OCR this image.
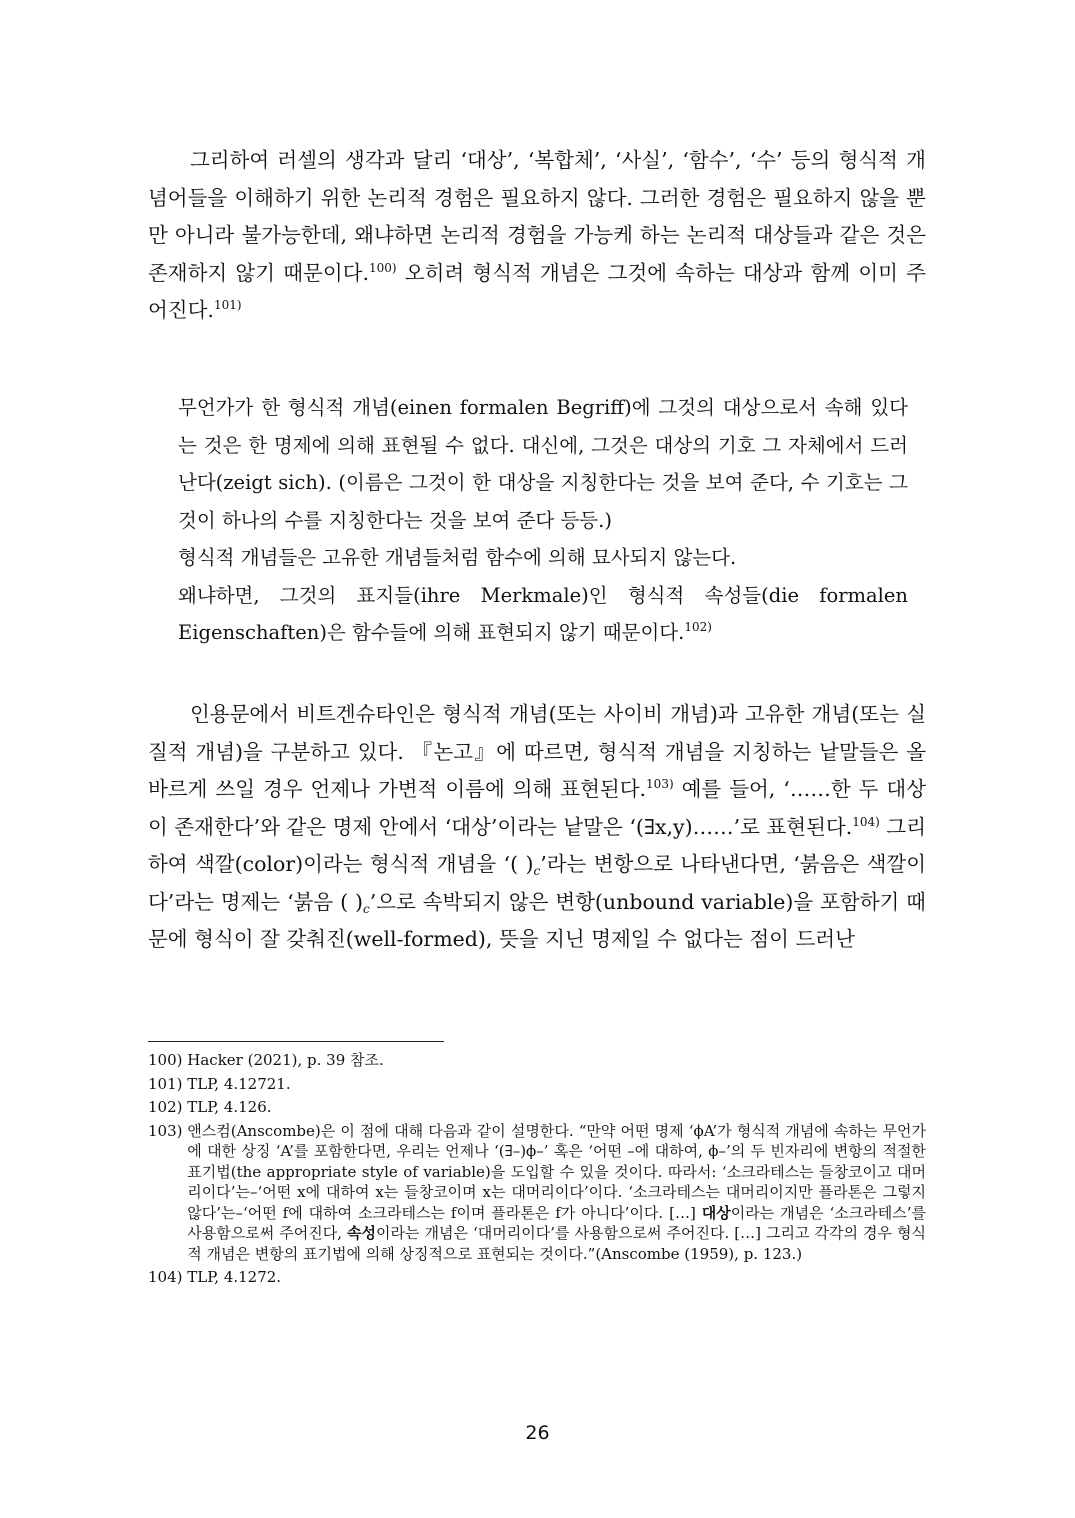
그리하여 러셀의 생각과 달리 ‘대상’, ‘복합체’, ‘사실’, ‘함수’, ‘수’ 등의 형식적 개념어들을 이해하기 위한 논리적 경험은 필요하지 않다. 그러한 경험은 필요하지 않을 뿐만 아니라 불가능한데, 왜냐하면 논리적 경험을 가능케 하는 논리적 대상들과 같은 것은 존재하지 않기 때문이다.$^{100)}$ 오히려 형식적 개념은 그것에 속하는 대상과 함께 이미 주어진다.$^{101)}$
무언가가 한 형식적 개념(einen formalen Begriff)에 그것의 대상으로서 속해 있다는 것은 한 명제에 의해 표현될 수 없다. 대신에, 그것은 대상의 기호 그 자체에서 드러난다(zeigt sich). (이름은 그것이 한 대상을 지칭한다는 것을 보여 준다, 수 기호는 그것이 하나의 수를 지칭한다는 것을 보여 준다 등등.)
형식적 개념들은 고유한 개념들처럼 함수에 의해 묘사되지 않는다.
왜냐하면, 그것의 표지들(ihre Merkmale)인 형식적 속성들(die formalen Eigenschaften)은 함수들에 의해 표현되지 않기 때문이다.$^{102)}$
인용문에서 비트겐슈타인은 형식적 개념(또는 사이비 개념)과 고유한 개념(또는 실질적 개념)을 구분하고 있다. 『논고』에 따르면, 형식적 개념을 지칭하는 낱말들은 올바르게 쓰일 경우 언제나 가변적 이름에 의해 표현된다.$^{103)}$ 예를 들어, ‘……한 두 대상이 존재한다’와 같은 명제 안에서 ‘대상’이라는 낱말은 ‘(∃x,y)……’로 표현된다.$^{104)}$ 그리하여 색깔(color)이라는 형식적 개념을 ‘( )$_c$’라는 변항으로 나타낸다면, ‘붉음은 색깔이다’라는 명제는 ‘붉음 ( )$_c$’으로 속박되지 않은 변항(unbound variable)을 포함하기 때문에 형식이 잘 갖춰진(well-formed), 뜻을 지닌 명제일 수 없다는 점이 드러난
100) Hacker (2021), p. 39 참조.
101) TLP, 4.12721.
102) TLP, 4.126.
103) 앤스컴(Anscombe)은 이 점에 대해 다음과 같이 설명한다. “만약 어떤 명제 ‘ϕA’가 형식적 개념에 속하는 무언가에 대한 상징 ‘A’를 포함한다면, 우리는 언제나 ‘(∃–)ϕ–’ 혹은 ‘어떤 –에 대하여, ϕ–’의 두 빈자리에 변항의 적절한 표기법(the appropriate style of variable)을 도입할 수 있을 것이다. 따라서: ‘소크라테스는 들창코이고 대머리이다’는–‘어떤 x에 대하여 x는 들창코이며 x는 대머리이다’이다. ‘소크라테스는 대머리이지만 플라톤은 그렇지 않다’는–‘어떤 f에 대하여 소크라테스는 f이며 플라톤은 f가 아니다’이다. […] 대상이라는 개념은 ‘소크라테스’를 사용함으로써 주어진다, 속성이라는 개념은 ‘대머리이다’를 사용함으로써 주어진다. […] 그리고 각각의 경우 형식적 개념은 변항의 표기법에 의해 상징적으로 표현되는 것이다.”(Anscombe (1959), p. 123.)
104) TLP, 4.1272.
26
